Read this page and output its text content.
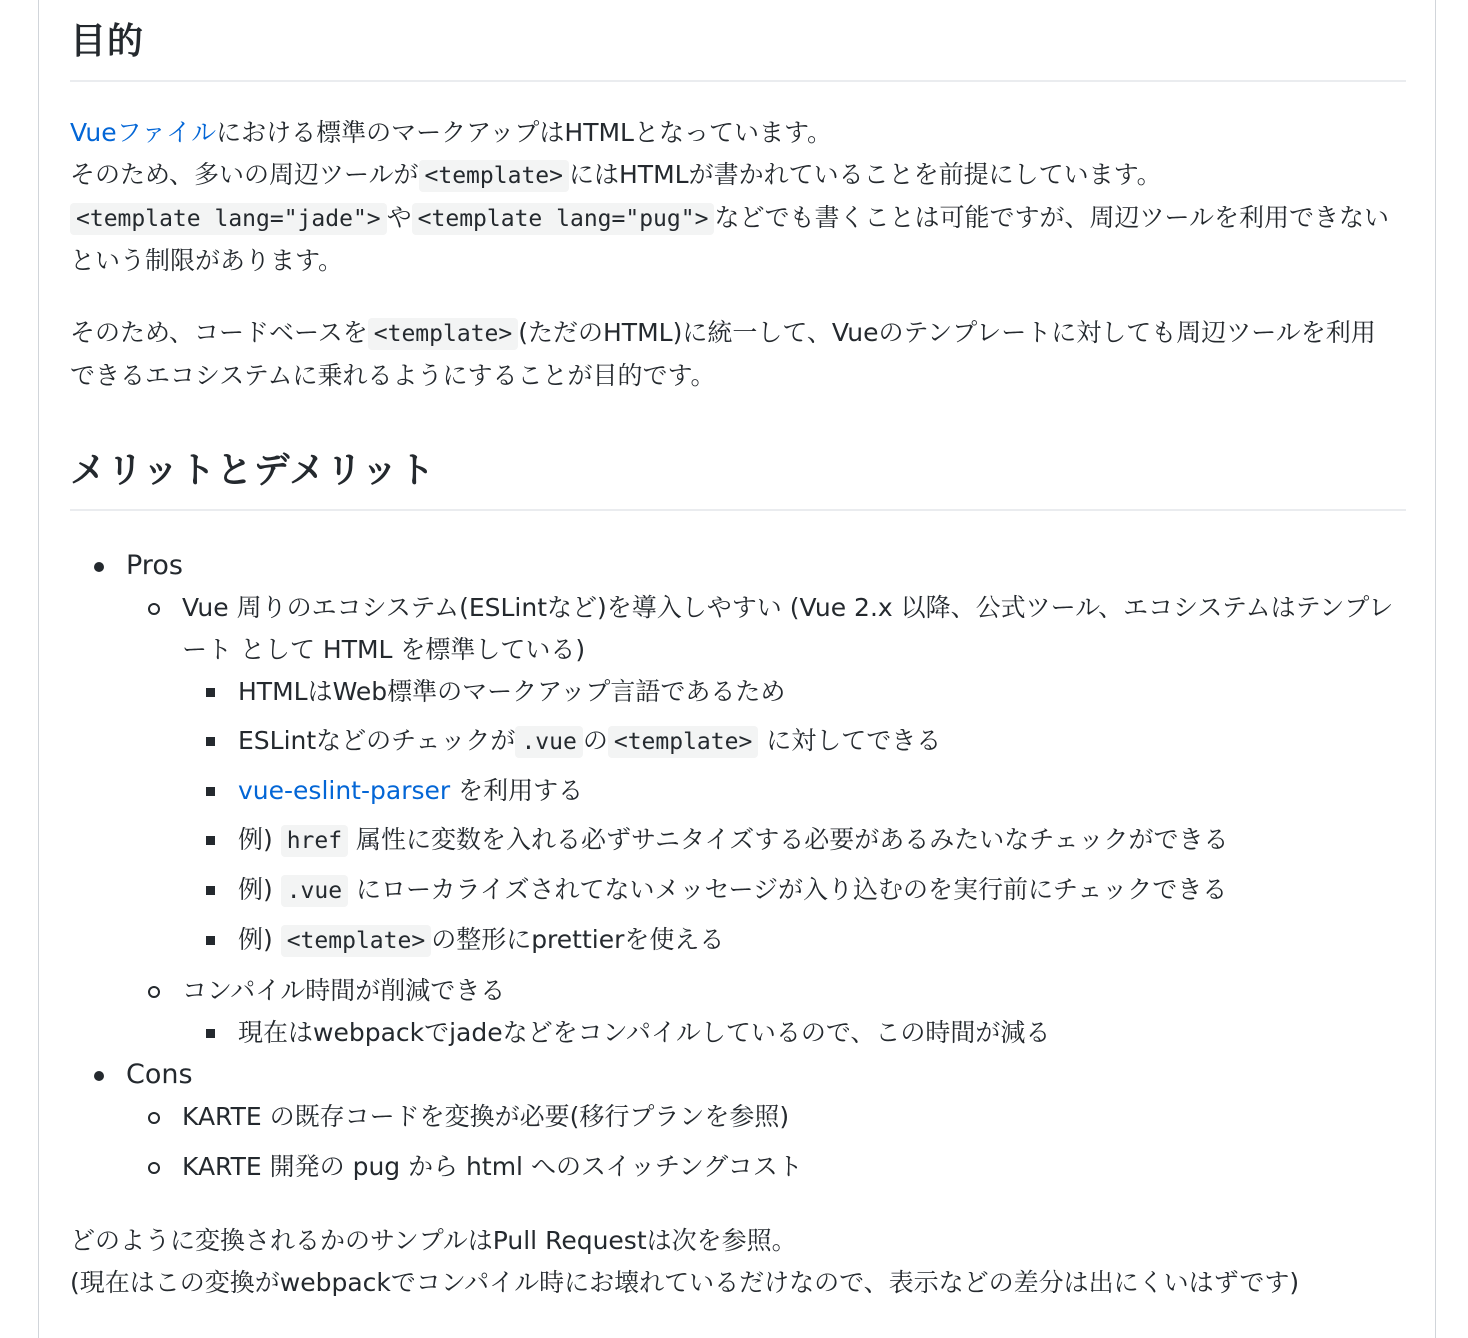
目的

Vueファイルにおける標準のマークアップはHTMLとなっています。
そのため、多いの周辺ツールが <template> にはHTMLが書かれていることを前提にしています。
<template lang="jade"> や <template lang="pug"> などでも書くことは可能ですが、周辺ツールを利用できないという制限があります。

そのため、コードベースを <template> (ただのHTML)に統一して、Vueのテンプレートに対しても周辺ツールを利用できるエコシステムに乗れるようにすることが目的です。

メリットとデメリット
Pros
Vue 周りのエコシステム(ESLintなど)を導入しやすい (Vue 2.x 以降、公式ツール、エコシステムはテンプレート として HTML を標準している)
HTMLはWeb標準のマークアップ言語であるため
ESLintなどのチェックが .vue の <template> に対してできる
vue-eslint-parser を利用する
例) href 属性に変数を入れる必ずサニタイズする必要があるみたいなチェックができる
例) .vue にローカライズされてないメッセージが入り込むのを実行前にチェックできる
例) <template> の整形にprettierを使える
コンパイル時間が削減できる
現在はwebpackでjadeなどをコンパイルしているので、この時間が減る
Cons
KARTE の既存コードを変換が必要(移行プランを参照)
KARTE 開発の pug から html へのスイッチングコスト

どのように変換されるかのサンプルはPull Requestは次を参照。
(現在はこの変換がwebpackでコンパイル時にお壊れているだけなので、表示などの差分は出にくいはずです)
